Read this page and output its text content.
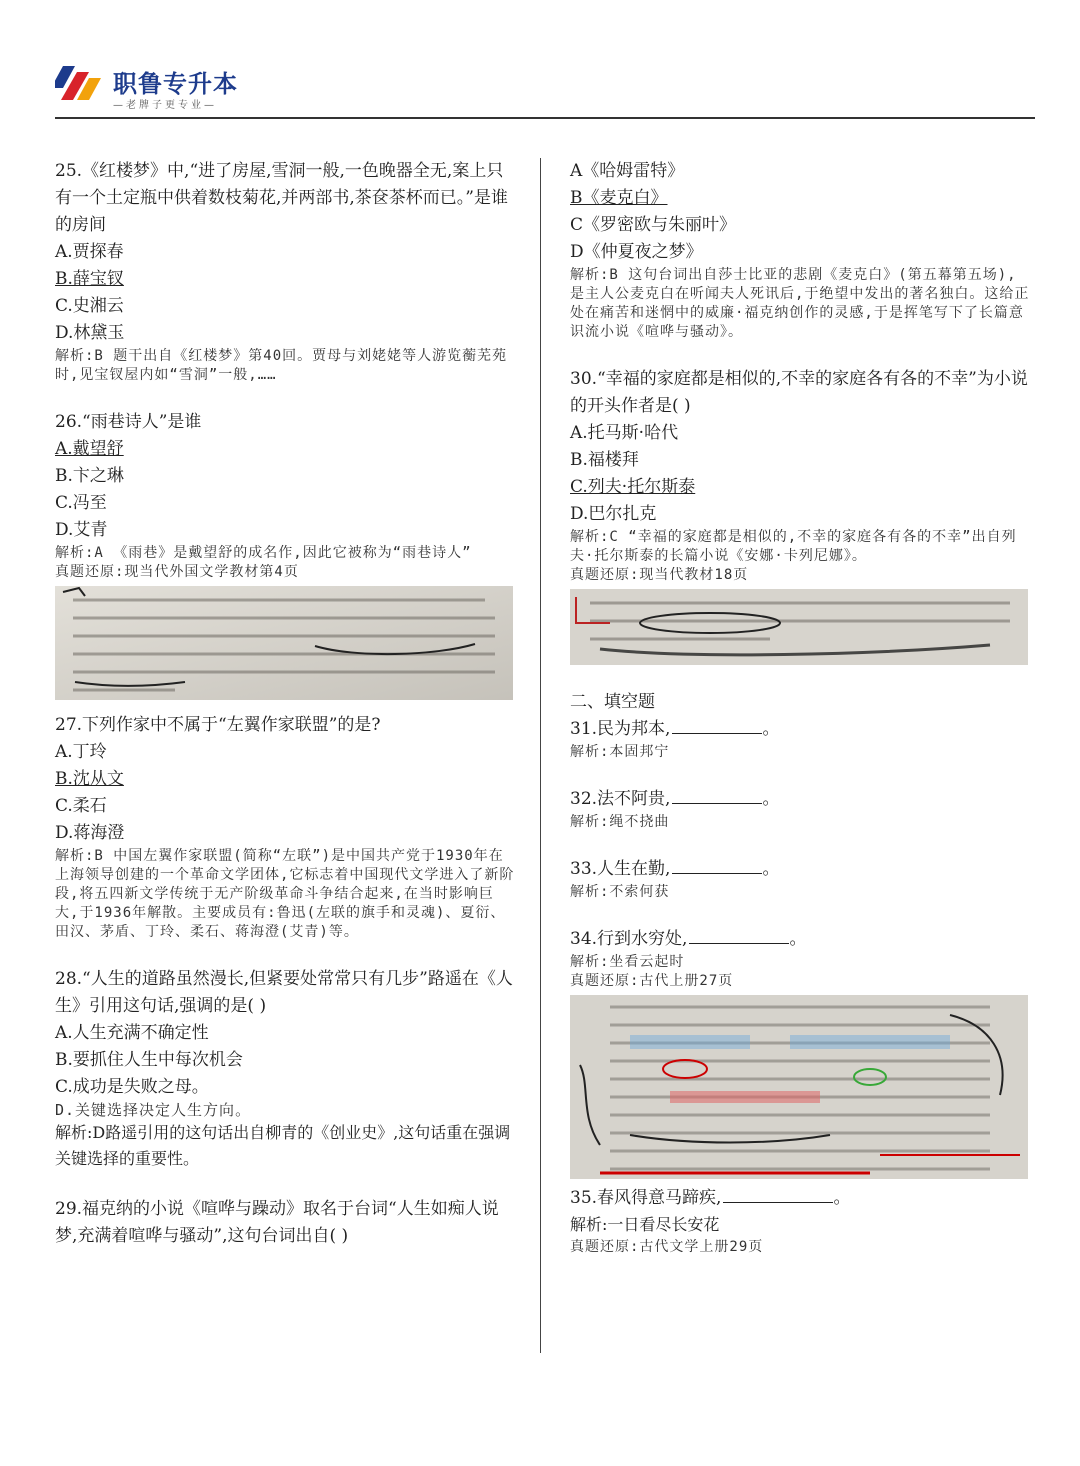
职鲁专升本
—老牌子更专业—
25.《红楼梦》中,“进了房屋,雪洞一般,一色晚器全无,案上只有一个土定瓶中供着数枝菊花,并两部书,茶奁茶杯而已。”是谁的房间
A.贾探春
B.薛宝钗
C.史湘云
D.林黛玉
解析:B 题干出自《红楼梦》第40回。贾母与刘姥姥等人游览蘅芜苑时,见宝钗屋内如“雪洞”一般,……
26.“雨巷诗人”是谁
A.戴望舒
B.卞之琳
C.冯至
D.艾青
解析:A 《雨巷》是戴望舒的成名作,因此它被称为“雨巷诗人”
真题还原:现当代外国文学教材第4页
27.下列作家中不属于“左翼作家联盟”的是?
A.丁玲
B.沈从文
C.柔石
D.蒋海澄
解析:B 中国左翼作家联盟(简称“左联”)是中国共产党于1930年在上海领导创建的一个革命文学团体,它标志着中国现代文学进入了新阶段,将五四新文学传统于无产阶级革命斗争结合起来,在当时影响巨大,于1936年解散。主要成员有:鲁迅(左联的旗手和灵魂)、夏衍、田汉、茅盾、丁玲、柔石、蒋海澄(艾青)等。
28.“人生的道路虽然漫长,但紧要处常常只有几步”路遥在《人生》引用这句话,强调的是( )
A.人生充满不确定性
B.要抓住人生中每次机会
C.成功是失败之母。
D.关键选择决定人生方向。
解析:D路遥引用的这句话出自柳青的《创业史》,这句话重在强调关键选择的重要性。
29.福克纳的小说《喧哗与躁动》取名于台词“人生如痴人说梦,充满着喧哗与骚动”,这句台词出自( )
A《哈姆雷特》
B《麦克白》
C《罗密欧与朱丽叶》
D《仲夏夜之梦》
解析:B 这句台词出自莎士比亚的悲剧《麦克白》(第五幕第五场),是主人公麦克白在听闻夫人死讯后,于绝望中发出的著名独白。这给正处在痛苦和迷惘中的威廉·福克纳创作的灵感,于是挥笔写下了长篇意识流小说《喧哗与骚动》。
30.“幸福的家庭都是相似的,不幸的家庭各有各的不幸”为小说的开头作者是( )
A.托马斯·哈代
B.福楼拜
C.列夫·托尔斯泰
D.巴尔扎克
解析:C “幸福的家庭都是相似的,不幸的家庭各有各的不幸”出自列夫·托尔斯泰的长篇小说《安娜·卡列尼娜》。
真题还原:现当代教材18页
二、填空题
31.民为邦本,	。
解析:本固邦宁
32.法不阿贵,	。
解析:绳不挠曲
33.人生在勤,	。
解析:不索何获
34.行到水穷处,	。
解析:坐看云起时
真题还原:古代上册27页
35.春风得意马蹄疾,	。
解析:一日看尽长安花
真题还原:古代文学上册29页
